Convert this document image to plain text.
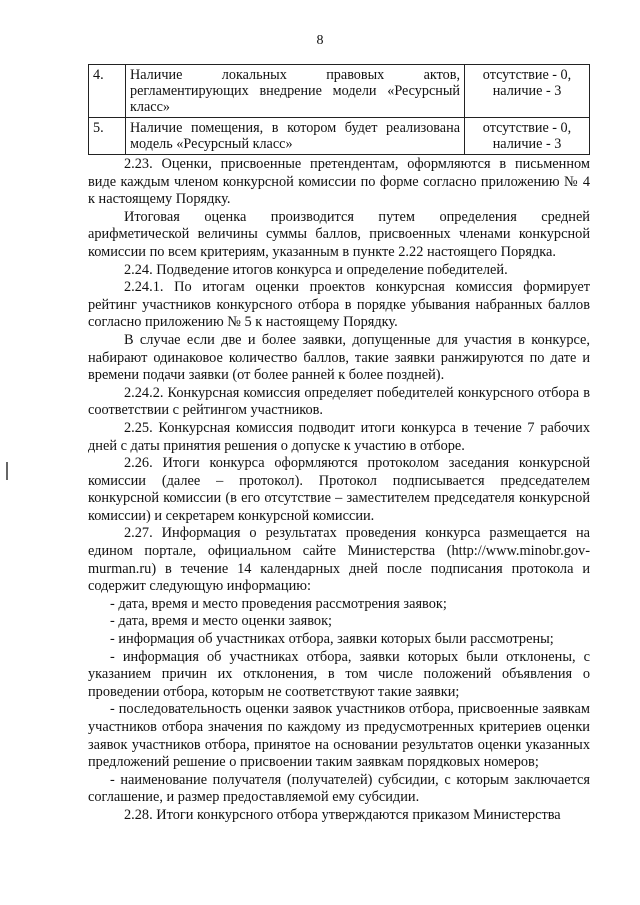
8
4.	Наличие локальных правовых актов, регламентирующих внедрение модели «Ресурсный класс»	отсутствие - 0,
наличие - 3

5.	Наличие помещения, в котором будет реализована модель «Ресурсный класс»	отсутствие - 0,
наличие - 3

2.23. Оценки, присвоенные претендентам, оформляются в письменном виде каждым членом конкурсной комиссии по форме согласно приложению № 4 к настоящему Порядку.

Итоговая оценка производится путем определения средней арифметической величины суммы баллов, присвоенных членами конкурсной комиссии по всем критериям, указанным в пункте 2.22 настоящего Порядка.

2.24. Подведение итогов конкурса и определение победителей.

2.24.1. По итогам оценки проектов конкурсная комиссия формирует рейтинг участников конкурсного отбора в порядке убывания набранных баллов согласно приложению № 5 к настоящему Порядку.

В случае если две и более заявки, допущенные для участия в конкурсе, набирают одинаковое количество баллов, такие заявки ранжируются по дате и времени подачи заявки (от более ранней к более поздней).

2.24.2. Конкурсная комиссия определяет победителей конкурсного отбора в соответствии с рейтингом участников.

2.25. Конкурсная комиссия подводит итоги конкурса в течение 7 рабочих дней с даты принятия решения о допуске к участию в отборе.

2.26. Итоги конкурса оформляются протоколом заседания конкурсной комиссии (далее – протокол). Протокол подписывается председателем конкурсной комиссии (в его отсутствие – заместителем председателя конкурсной комиссии) и секретарем конкурсной комиссии.

2.27. Информация о результатах проведения конкурса размещается на едином портале, официальном сайте Министерства (http://www.minobr.gov-murman.ru) в течение 14 календарных дней после подписания протокола и содержит следующую информацию:

- дата, время и место проведения рассмотрения заявок;

- дата, время и место оценки заявок;

- информация об участниках отбора, заявки которых были рассмотрены;

- информация об участниках отбора, заявки которых были отклонены, с указанием причин их отклонения, в том числе положений объявления о проведении отбора, которым не соответствуют такие заявки;

- последовательность оценки заявок участников отбора, присвоенные заявкам участников отбора значения по каждому из предусмотренных критериев оценки заявок участников отбора, принятое на основании результатов оценки указанных предложений решение о присвоении таким заявкам порядковых номеров;

- наименование получателя (получателей) субсидии, с которым заключается соглашение, и размер предоставляемой ему субсидии.

2.28. Итоги конкурсного отбора утверждаются приказом Министерства
